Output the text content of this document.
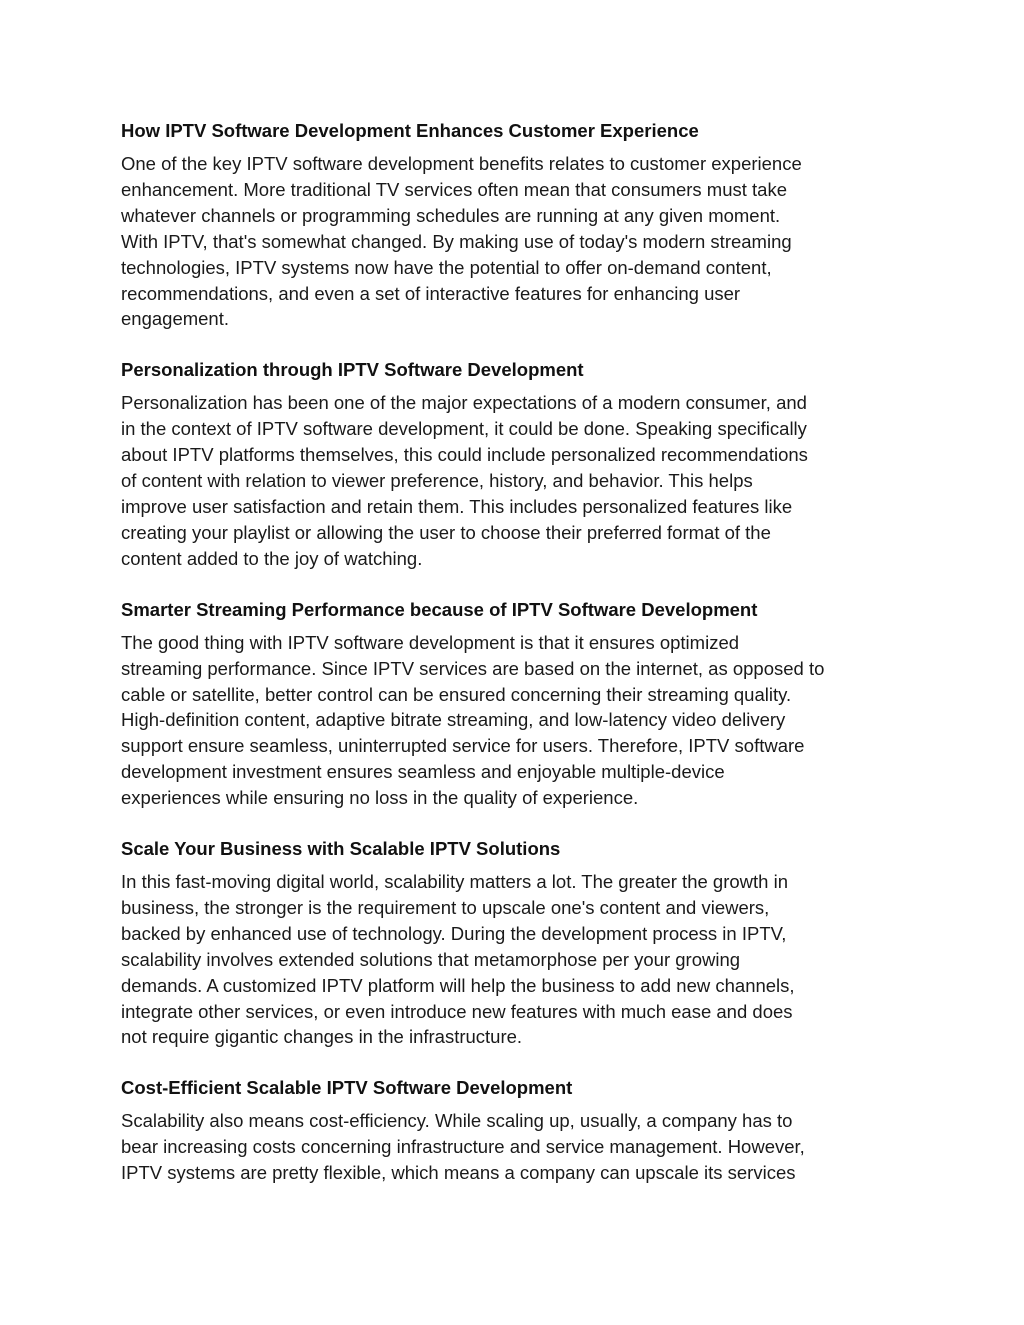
How IPTV Software Development Enhances Customer Experience

One of the key IPTV software development benefits relates to customer experience
enhancement. More traditional TV services often mean that consumers must take
whatever channels or programming schedules are running at any given moment.
With IPTV, that's somewhat changed. By making use of today's modern streaming
technologies, IPTV systems now have the potential to offer on-demand content,
recommendations, and even a set of interactive features for enhancing user
engagement.

Personalization through IPTV Software Development

Personalization has been one of the major expectations of a modern consumer, and
in the context of IPTV software development, it could be done. Speaking specifically
about IPTV platforms themselves, this could include personalized recommendations
of content with relation to viewer preference, history, and behavior. This helps
improve user satisfaction and retain them. This includes personalized features like
creating your playlist or allowing the user to choose their preferred format of the
content added to the joy of watching.

Smarter Streaming Performance because of IPTV Software Development

The good thing with IPTV software development is that it ensures optimized
streaming performance. Since IPTV services are based on the internet, as opposed to
cable or satellite, better control can be ensured concerning their streaming quality.
High-definition content, adaptive bitrate streaming, and low-latency video delivery
support ensure seamless, uninterrupted service for users. Therefore, IPTV software
development investment ensures seamless and enjoyable multiple-device
experiences while ensuring no loss in the quality of experience.

Scale Your Business with Scalable IPTV Solutions

In this fast-moving digital world, scalability matters a lot. The greater the growth in
business, the stronger is the requirement to upscale one's content and viewers,
backed by enhanced use of technology. During the development process in IPTV,
scalability involves extended solutions that metamorphose per your growing
demands. A customized IPTV platform will help the business to add new channels,
integrate other services, or even introduce new features with much ease and does
not require gigantic changes in the infrastructure.

Cost-Efficient Scalable IPTV Software Development

Scalability also means cost-efficiency. While scaling up, usually, a company has to
bear increasing costs concerning infrastructure and service management. However,
IPTV systems are pretty flexible, which means a company can upscale its services
